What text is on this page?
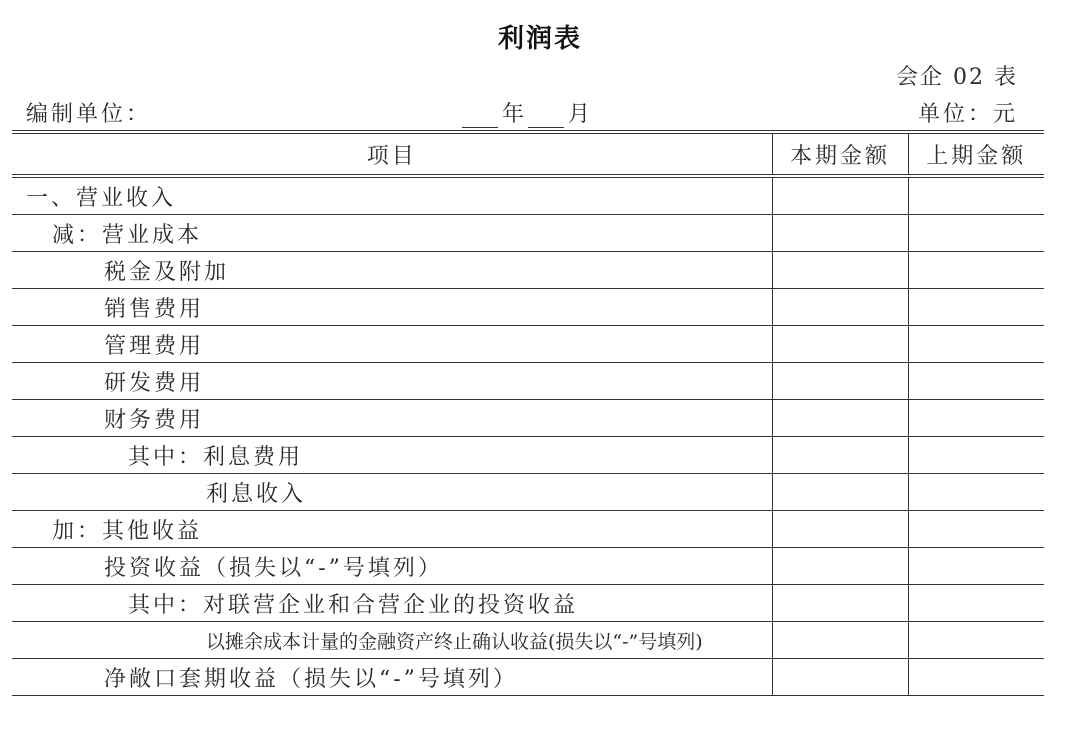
利润表
会企 02 表
编制单位：	年 月	单位：元
项目	本期金额	上期金额
一、营业收入		
减：营业成本		
税金及附加		
销售费用		
管理费用		
研发费用		
财务费用		
其中：利息费用		
利息收入		
加：其他收益		
投资收益（损失以“-”号填列）		
其中：对联营企业和合营企业的投资收益		
以摊余成本计量的金融资产终止确认收益(损失以“-”号填列)		
净敞口套期收益（损失以“-”号填列）		
